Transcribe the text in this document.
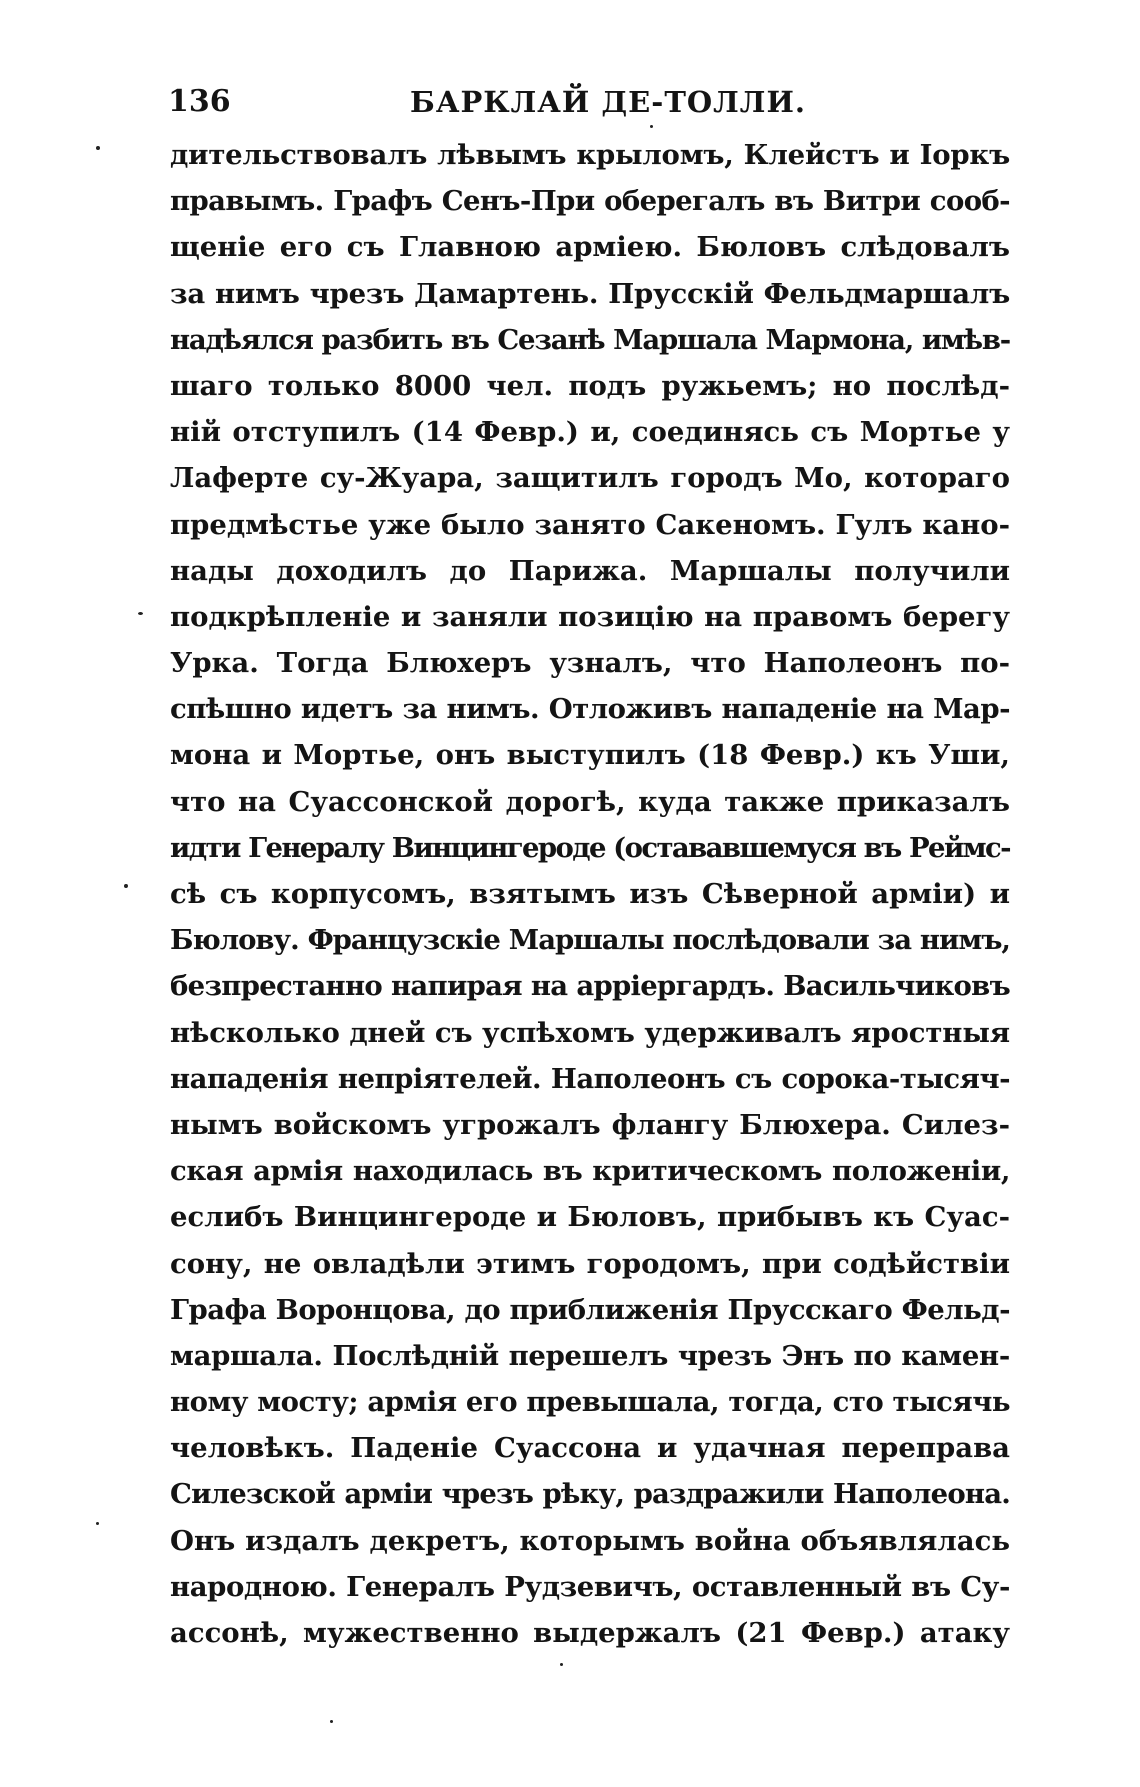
136	БАРКЛАЙ ДЕ-ТОЛЛИ.
дительствовалъ лѣвымъ крыломъ, Клейстъ и Іоркъ
правымъ. Графъ Сенъ-При оберегалъ въ Витри сооб-
щеніе его съ Главною арміею. Бюловъ слѣдовалъ
за нимъ чрезъ Дамартень. Прусскій Фельдмаршалъ
надѣялся разбить въ Сезанѣ Маршала Мармона, имѣв-
шаго только 8000 чел. подъ ружьемъ; но послѣд-
ній отступилъ (14 Февр.) и, соединясь съ Мортье у
Лаферте су-Жуара, защитилъ городъ Мо, котораго
предмѣстье уже было занято Сакеномъ. Гулъ кано-
нады доходилъ до Парижа. Маршалы получили
подкрѣпленіе и заняли позицію на правомъ берегу
Урка. Тогда Блюхеръ узналъ, что Наполеонъ по-
спѣшно идетъ за нимъ. Отложивъ нападеніе на Мар-
мона и Мортье, онъ выступилъ (18 Февр.) къ Уши,
что на Суассонской дорогѣ, куда также приказалъ
идти Генералу Винцингероде (остававшемуся въ Реймс-
сѣ съ корпусомъ, взятымъ изъ Сѣверной арміи) и
Бюлову. Французскіе Маршалы послѣдовали за нимъ,
безпрестанно напирая на аррiергардъ. Васильчиковъ
нѣсколько дней съ успѣхомъ удерживалъ яростныя
нападенія непріятелей. Наполеонъ съ сорока-тысяч-
нымъ войскомъ угрожалъ флангу Блюхера. Силез-
ская армія находилась въ критическомъ положеніи,
еслибъ Винцингероде и Бюловъ, прибывъ къ Суас-
сону, не овладѣли этимъ городомъ, при содѣйствіи
Графа Воронцова, до приближенія Прусскаго Фельд-
маршала. Послѣдній перешелъ чрезъ Энъ по камен-
ному мосту; армія его превышала, тогда, сто тысячь
человѣкъ. Паденіе Суассона и удачная переправа
Силезской арміи чрезъ рѣку, раздражили Наполеона.
Онъ издалъ декретъ, которымъ война объявлялась
народною. Генералъ Рудзевичъ, оставленный въ Су-
ассонѣ, мужественно выдержалъ (21 Февр.) атаку
